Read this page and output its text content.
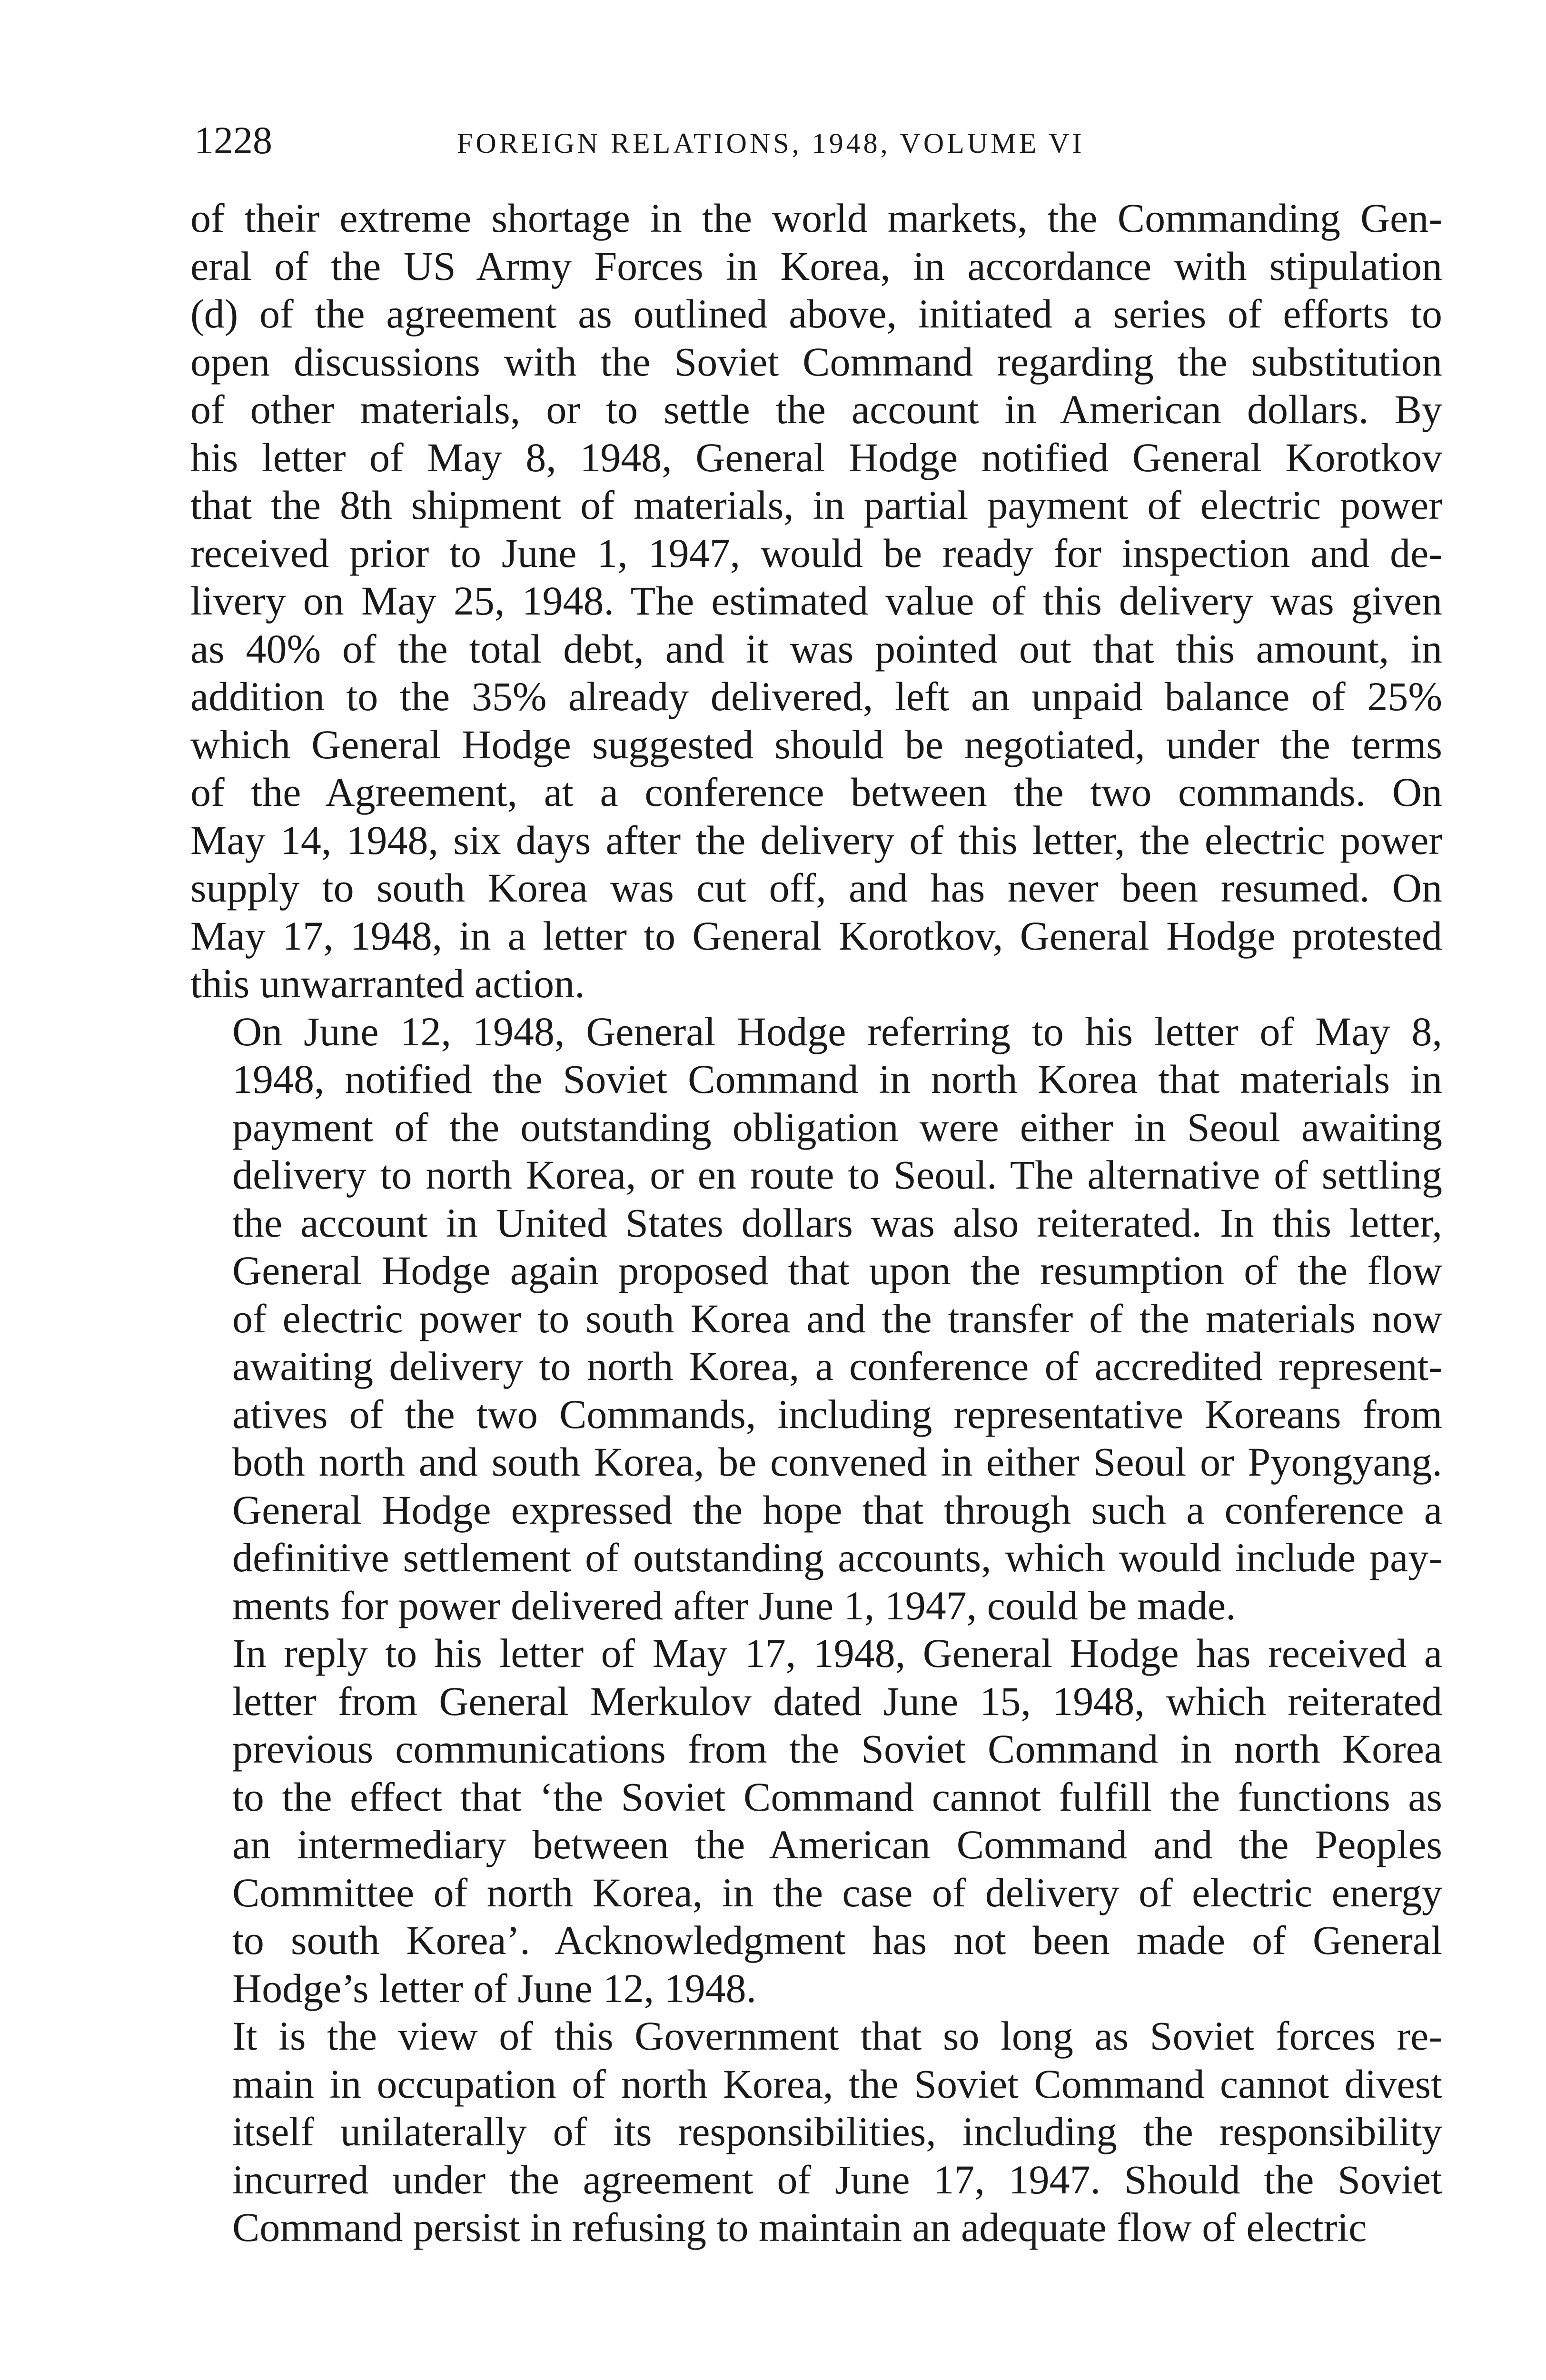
1228	FOREIGN RELATIONS, 1948, VOLUME VI

of their extreme shortage in the world markets, the Commanding Gen-
eral of the US Army Forces in Korea, in accordance with stipulation
(d) of the agreement as outlined above, initiated a series of efforts to
open discussions with the Soviet Command regarding the substitution
of other materials, or to settle the account in American dollars. By
his letter of May 8, 1948, General Hodge notified General Korotkov
that the 8th shipment of materials, in partial payment of electric power
received prior to June 1, 1947, would be ready for inspection and de-
livery on May 25, 1948. The estimated value of this delivery was given
as 40% of the total debt, and it was pointed out that this amount, in
addition to the 35% already delivered, left an unpaid balance of 25%
which General Hodge suggested should be negotiated, under the terms
of the Agreement, at a conference between the two commands. On
May 14, 1948, six days after the delivery of this letter, the electric power
supply to south Korea was cut off, and has never been resumed. On
May 17, 1948, in a letter to General Korotkov, General Hodge protested
this unwarranted action.

On June 12, 1948, General Hodge referring to his letter of May 8,
1948, notified the Soviet Command in north Korea that materials in
payment of the outstanding obligation were either in Seoul awaiting
delivery to north Korea, or en route to Seoul. The alternative of settling
the account in United States dollars was also reiterated. In this letter,
General Hodge again proposed that upon the resumption of the flow
of electric power to south Korea and the transfer of the materials now
awaiting delivery to north Korea, a conference of accredited represent-
atives of the two Commands, including representative Koreans from
both north and south Korea, be convened in either Seoul or Pyongyang.
General Hodge expressed the hope that through such a conference a
definitive settlement of outstanding accounts, which would include pay-
ments for power delivered after June 1, 1947, could be made.

In reply to his letter of May 17, 1948, General Hodge has received a
letter from General Merkulov dated June 15, 1948, which reiterated
previous communications from the Soviet Command in north Korea
to the effect that ‘the Soviet Command cannot fulfill the functions as
an intermediary between the American Command and the Peoples
Committee of north Korea, in the case of delivery of electric energy
to south Korea’. Acknowledgment has not been made of General
Hodge’s letter of June 12, 1948.

It is the view of this Government that so long as Soviet forces re-
main in occupation of north Korea, the Soviet Command cannot divest
itself unilaterally of its responsibilities, including the responsibility
incurred under the agreement of June 17, 1947. Should the Soviet
Command persist in refusing to maintain an adequate flow of electric
